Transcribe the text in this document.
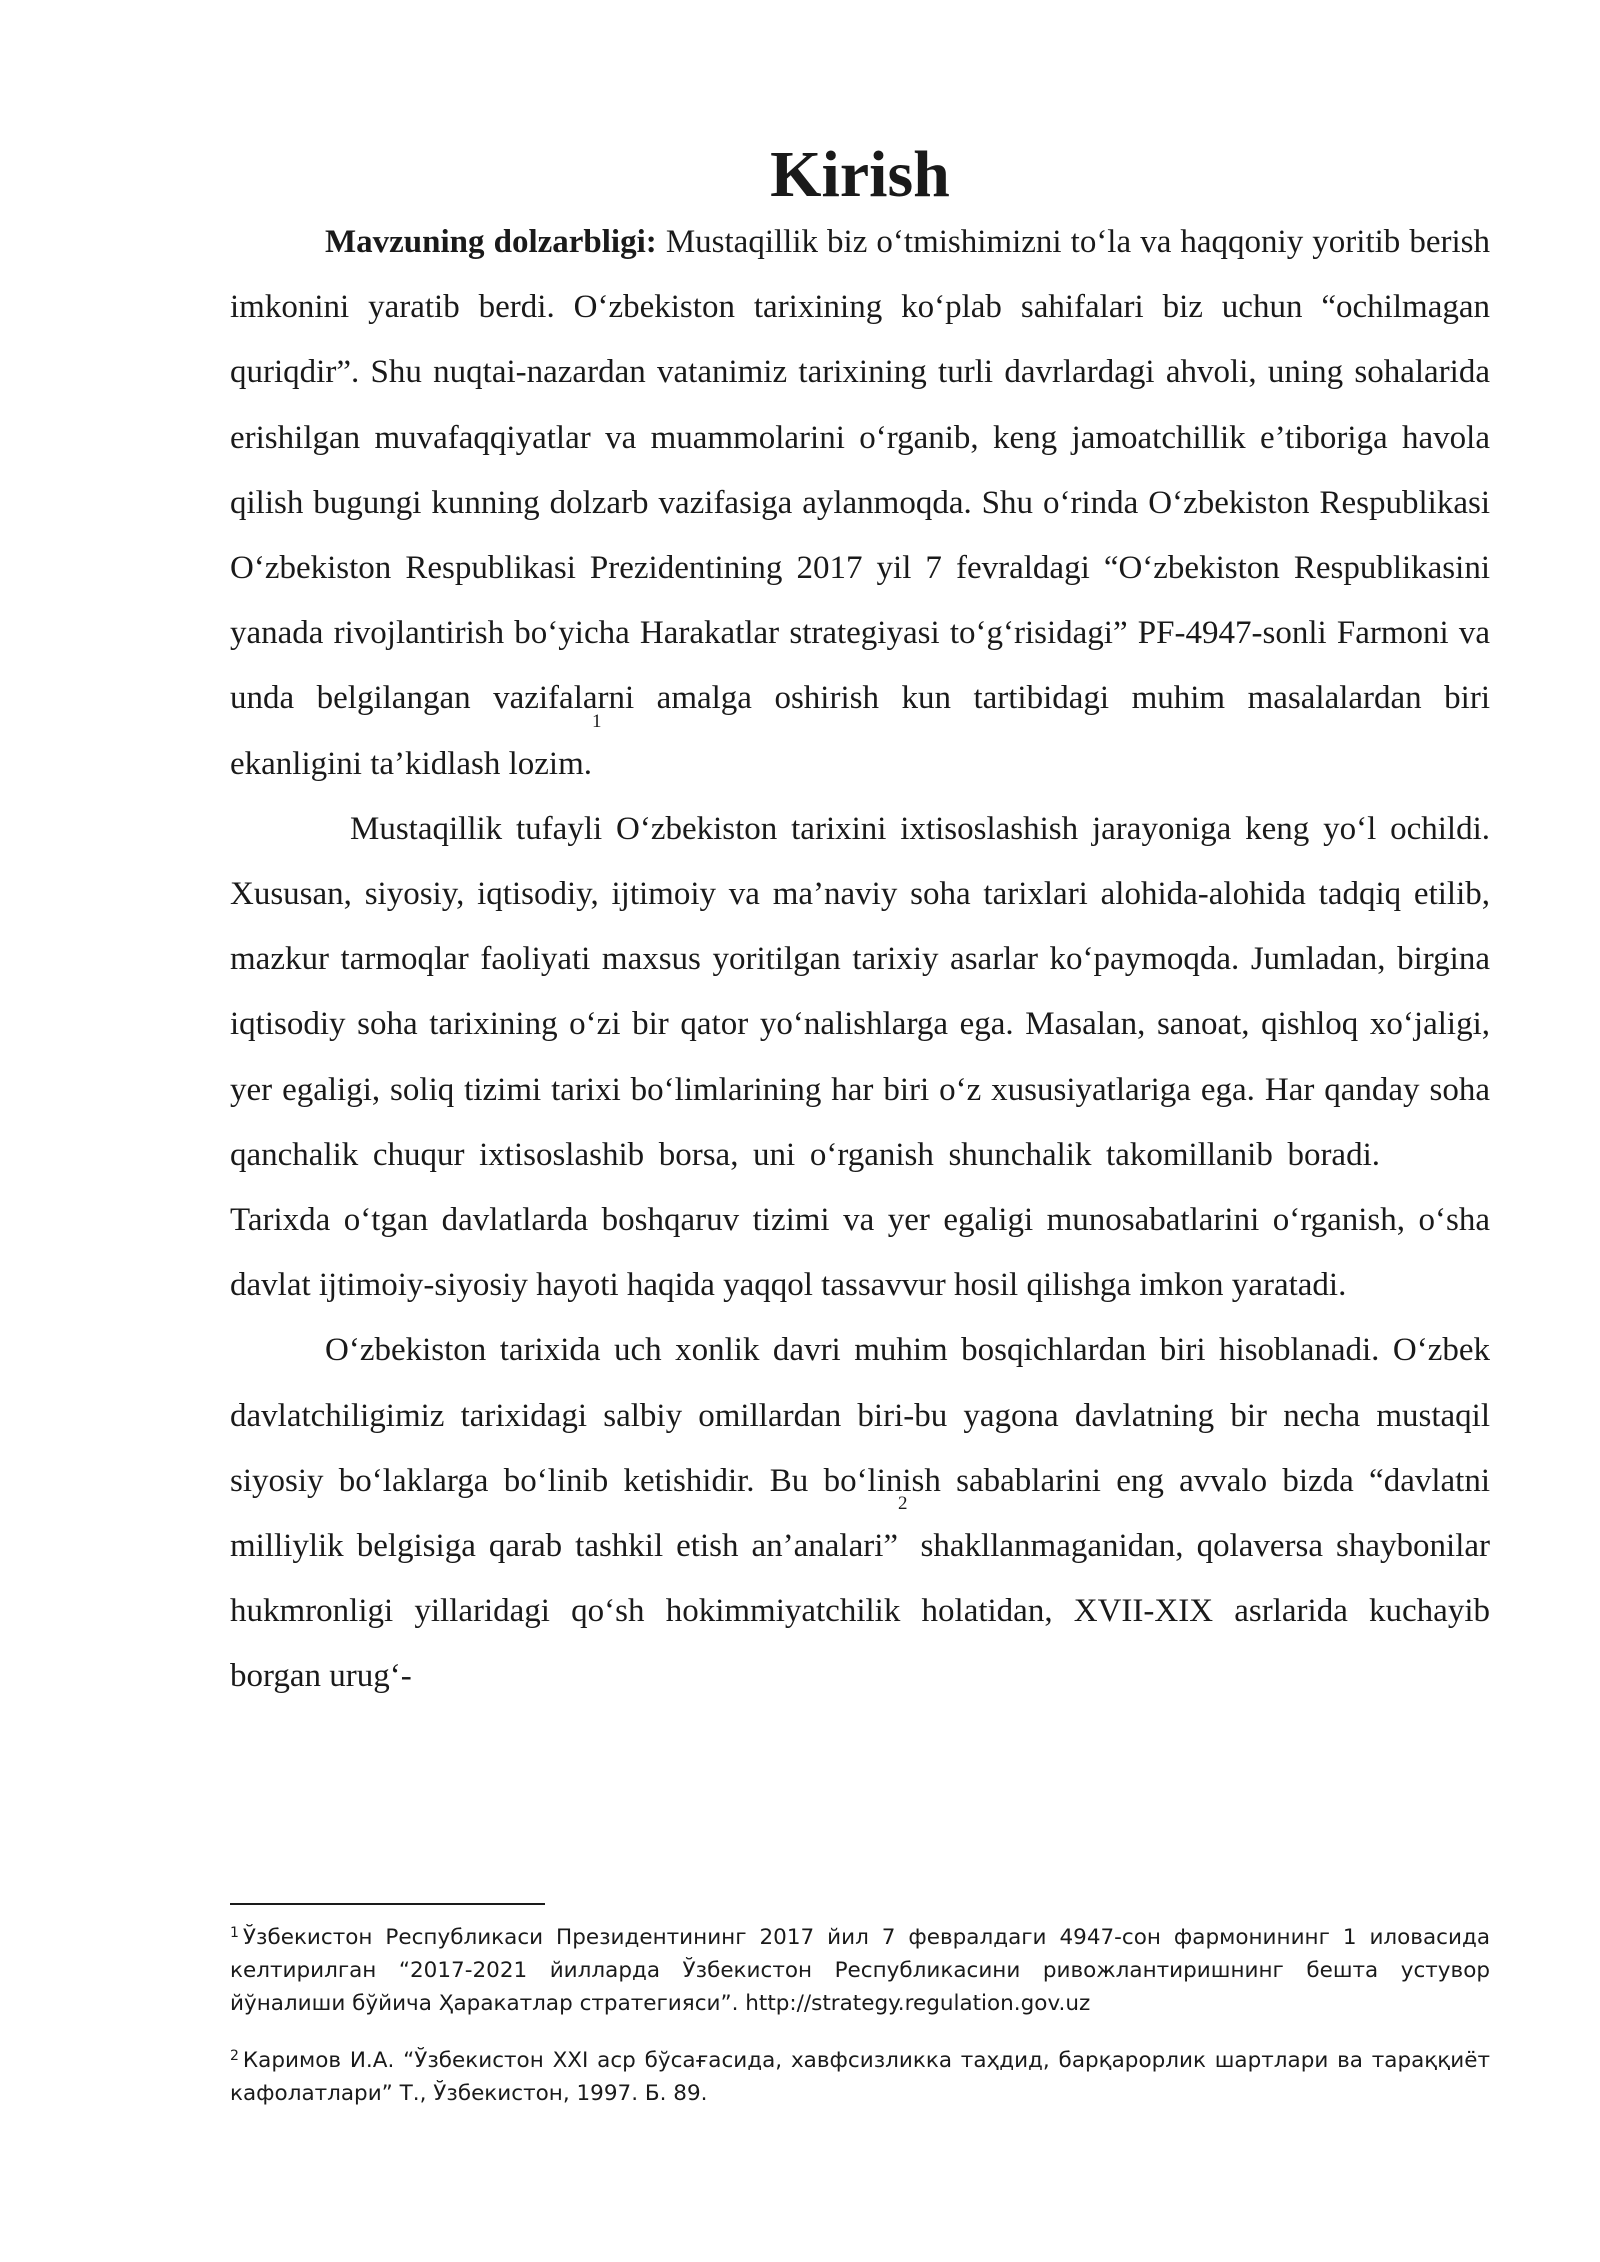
Kirish

Mavzuning dolzarbligi: Mustaqillik biz o‘tmishimizni to‘la va haqqoniy yoritib berish imkonini yaratib berdi. O‘zbekiston tarixining ko‘plab sahifalari biz uchun “ochilmagan quriqdir”. Shu nuqtai-nazardan vatanimiz tarixining turli davrlardagi ahvoli, uning sohalarida erishilgan muvafaqqiyatlar va muammolarini o‘rganib, keng jamoatchillik e’tiboriga havola qilish bugungi kunning dolzarb vazifasiga aylanmoqda. Shu o‘rinda O‘zbekiston Respublikasi O‘zbekiston Respublikasi Prezidentining 2017 yil 7 fevraldagi “O‘zbekiston Respublikasini yanada rivojlantirish bo‘yicha Harakatlar strategiyasi to‘g‘risidagi” PF-4947-sonli Farmoni va unda belgilangan vazifalarni amalga oshirish kun tartibidagi muhim masalalardan biri ekanligini ta’kidlash lozim.$^1$

Mustaqillik tufayli O‘zbekiston tarixini ixtisoslashish jarayoniga keng yo‘l ochildi. Xususan, siyosiy, iqtisodiy, ijtimoiy va ma’naviy soha tarixlari alohida-alohida tadqiq etilib, mazkur tarmoqlar faoliyati maxsus yoritilgan tarixiy asarlar ko‘paymoqda. Jumladan, birgina iqtisodiy soha tarixining o‘zi bir qator yo‘nalishlarga ega. Masalan, sanoat, qishloq xo‘jaligi, yer egaligi, soliq tizimi tarixi bo‘limlarining har biri o‘z xususiyatlariga ega. Har qanday soha qanchalik chuqur ixtisoslashib borsa, uni o‘rganish shunchalik takomillanib boradi.Tarixda o‘tgan davlatlarda boshqaruv tizimi va yer egaligi munosabatlarini o‘rganish, o‘sha davlat ijtimoiy-siyosiy hayoti haqida yaqqol tassavvur hosil qilishga imkon yaratadi.

O‘zbekiston tarixida uch xonlik davri muhim bosqichlardan biri hisoblanadi. O‘zbek davlatchiligimiz tarixidagi salbiy omillardan biri-bu yagona davlatning bir necha mustaqil siyosiy bo‘laklarga bo‘linib ketishidir. Bu bo‘linish sabablarini eng avvalo bizda “davlatni milliylik belgisiga qarab tashkil etish an’analari”$^2$ shakllanmaganidan, qolaversa shaybonilar hukmronligi yillaridagi qo‘sh hokimmiyatchilik holatidan, XVII-XIX asrlarida kuchayib borgan urug‘-

$^1$ Ўзбекистон Республикаси Президентининг 2017 йил 7 февралдаги 4947-сон фармонининг 1 иловасида келтирилган “2017-2021 йилларда Ўзбекистон Республикасини ривожлантиришнинг бешта устувор йўналиши бўйича Ҳаракатлар стратегияси”. http://strategy.regulation.gov.uz

$^2$ Каримов И.А. “Ўзбекистон XXI аср бўсағасида, хавфсизликка таҳдид, барқарорлик шартлари ва тараққиёт кафолатлари” Т., Ўзбекистон, 1997. Б. 89.
